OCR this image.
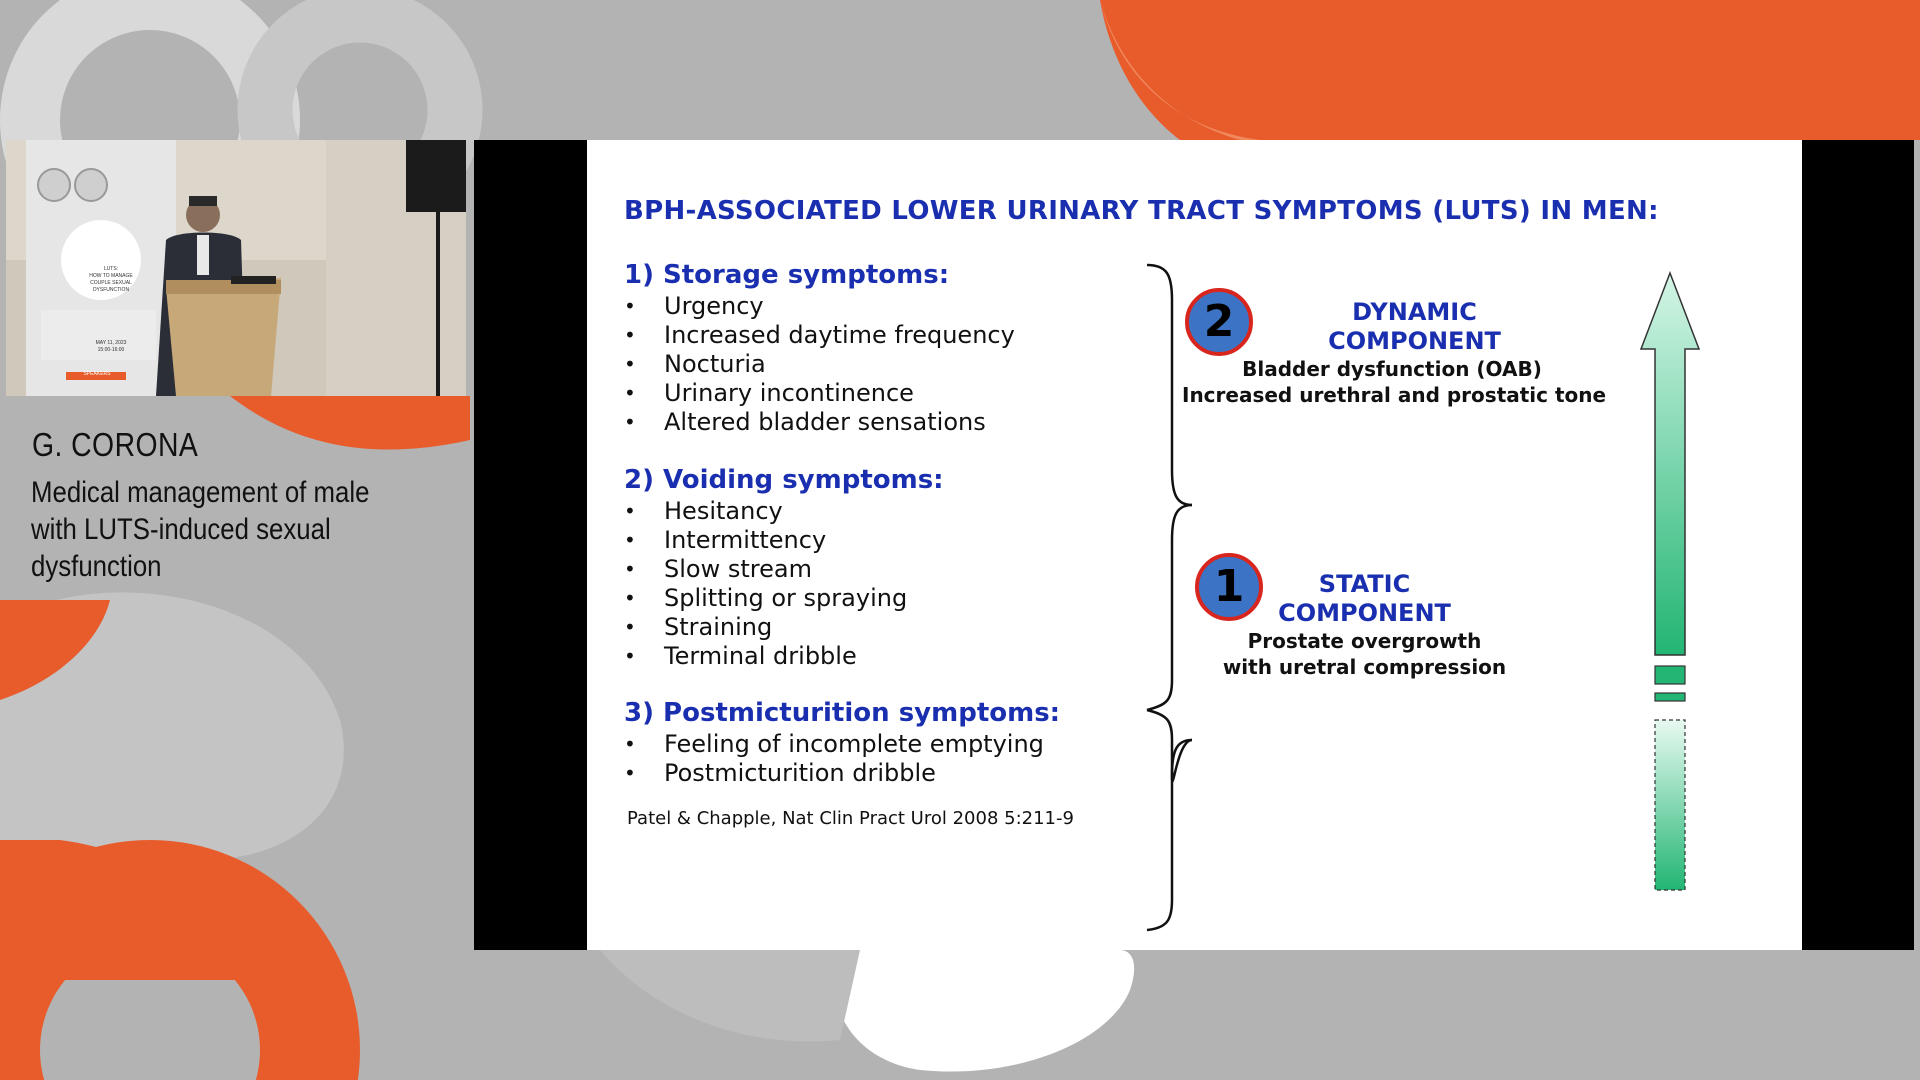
LUTS:
HOW TO MANAGE
COUPLE SEXUAL
DYSFUNCTION
MAY 11, 2023
15:00-16:00
SPEAKERS
G. CORONA
Medical management of male
with LUTS-induced sexual
dysfunction
BPH-ASSOCIATED LOWER URINARY TRACT SYMPTOMS (LUTS) IN MEN:
1) Storage symptoms:
• Urgency
• Increased daytime frequency
• Nocturia
• Urinary incontinence
• Altered bladder sensations
2) Voiding symptoms:
• Hesitancy
• Intermittency
• Slow stream
• Splitting or spraying
• Straining
• Terminal dribble
3) Postmicturition symptoms:
• Feeling of incomplete emptying
• Postmicturition dribble
2	DYNAMIC
COMPONENT
Bladder dysfunction (OAB)
Increased urethral and prostatic tone
1	STATIC
COMPONENT
Prostate overgrowth
with uretral compression
Patel & Chapple, Nat Clin Pract Urol 2008 5:211-9
